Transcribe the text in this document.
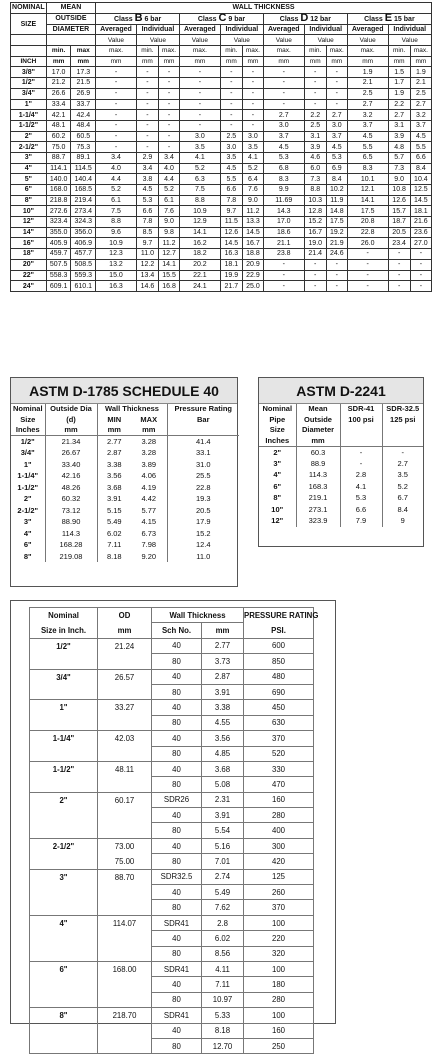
NOMINAL	MEAN		WALL THICKNESS											
SIZE	OUTSIDE		Class B 6 bar			Class C 9 bar			Class D 12 bar			Class E 15 bar		
	DIAMETER		Averaged	Individual		Averaged	Individual		Averaged	Individual		Averaged	Individual	
			Value	Value		Value	Value		Value	Value		Value	Value	
	min.	max	max.	min.	max.	max.	min.	max.	max.	min.	max.	max.	min.	max.
INCH	mm	mm	mm	mm	mm	mm	mm	mm	mm	mm	mm	mm	mm	mm
3/8"	17.0	17.3	-	-	-	-	-	-	-	-	-	1.9	1.5	1.9
1/2"	21.2	21.5	-	-	-	-	-	-	-	-	-	2.1	1.7	2.1
3/4"	26.6	26.9	-	-	-	-	-	-	-	-	-	2.5	1.9	2.5
1"	33.4	33.7	-	-	-	-	-	-	-	-	-	2.7	2.2	2.7
1-1/4"	42.1	42.4	-	-	-	-	-	-	2.7	2.2	2.7	3.2	2.7	3.2
1-1/2"	48.1	48.4	-	-	-	-	-	-	3.0	2.5	3.0	3.7	3.1	3.7
2"	60.2	60.5	-	-	-	3.0	2.5	3.0	3.7	3.1	3.7	4.5	3.9	4.5
2-1/2"	75.0	75.3	-	-	-	3.5	3.0	3.5	4.5	3.9	4.5	5.5	4.8	5.5
3"	88.7	89.1	3.4	2.9	3.4	4.1	3.5	4.1	5.3	4.6	5.3	6.5	5.7	6.6
4"	114.1	114.5	4.0	3.4	4.0	5.2	4.5	5.2	6.8	6.0	6.9	8.3	7.3	8.4
5"	140.0	140.4	4.4	3.8	4.4	6.3	5.5	6.4	8.3	7.3	8.4	10.1	9.0	10.4
6"	168.0	168.5	5.2	4.5	5.2	7.5	6.6	7.6	9.9	8.8	10.2	12.1	10.8	12.5
8"	218.8	219.4	6.1	5.3	6.1	8.8	7.8	9.0	11.69	10.3	11.9	14.1	12.6	14.5
10"	272.6	273.4	7.5	6.6	7.6	10.9	9.7	11.2	14.3	12.8	14.8	17.5	15.7	18.1
12"	323.4	324.3	8.8	7.8	9.0	12.9	11.5	13.3	17.0	15.2	17.5	20.8	18.7	21.6
14"	355.0	356.0	9.6	8.5	9.8	14.1	12.6	14.5	18.6	16.7	19.2	22.8	20.5	23.6
16"	405.9	406.9	10.9	9.7	11.2	16.2	14.5	16.7	21.1	19.0	21.9	26.0	23.4	27.0
18"	459.7	457.7	12.3	11.0	12.7	18.2	16.3	18.8	23.8	21.4	24.6	-	-	-
20"	507.5	508.5	13.2	12.2	14.1	20.2	18.1	20.9	-	-	-	-	-	-
22"	558.3	559.3	15.0	13.4	15.5	22.1	19.9	22.9	-	-	-	-	-	-
24"	609.1	610.1	16.3	14.6	16.8	24.1	21.7	25.0	-	-	-	-	-	-
ASTM D-1785 SCHEDULE 40
Nominal	Outside Dia	Wall Thickness		Pressure Rating
Size	(d)	MIN	MAX	Bar
Inches	mm	mm	mm	
1/2"	21.34	2.77	3.28	41.4
3/4"	26.67	2.87	3.28	33.1
1"	33.40	3.38	3.89	31.0
1-1/4"	42.16	3.56	4.06	25.5
1-1/2"	48.26	3.68	4.19	22.8
2"	60.32	3.91	4.42	19.3
2-1/2"	73.12	5.15	5.77	20.5
3"	88.90	5.49	4.15	17.9
4"	114.3	6.02	6.73	15.2
6"	168.28	7.11	7.98	12.4
8"	219.08	8.18	9.20	11.0
ASTM D-2241
Nominal	Mean	SDR-41	SDR-32.5
Pipe	Outside	100 psi	125 psi
Size	Diameter		
Inches	mm		
2"	60.3	-	-
3"	88.9	-	2.7
4"	114.3	2.8	3.5
6"	168.3	4.1	5.2
8"	219.1	5.3	6.7
10"	273.1	6.6	8.4
12"	323.9	7.9	9
Nominal	OD	Wall Thickness		PRESSURE RATING
Size in Inch.	mm	Sch No.	mm	PSI.
1/2"	21.24	40	2.77	600
		80	3.73	850
3/4"	26.57	40	2.87	480
		80	3.91	690
1"	33.27	40	3.38	450
		80	4.55	630
1-1/4"	42.03	40	3.56	370
		80	4.85	520
1-1/2"	48.11	40	3.68	330
		80	5.08	470
2"	60.17	SDR26	2.31	160
		40	3.91	280
		80	5.54	400
2-1/2"	73.00	40	5.16	300
	75.00	80	7.01	420
3"	88.70	SDR32.5	2.74	125
		40	5.49	260
		80	7.62	370
4"	114.07	SDR41	2.8	100
		40	6.02	220
		80	8.56	320
6"	168.00	SDR41	4.11	100
		40	7.11	180
		80	10.97	280
8"	218.70	SDR41	5.33	100
		40	8.18	160
		80	12.70	250
